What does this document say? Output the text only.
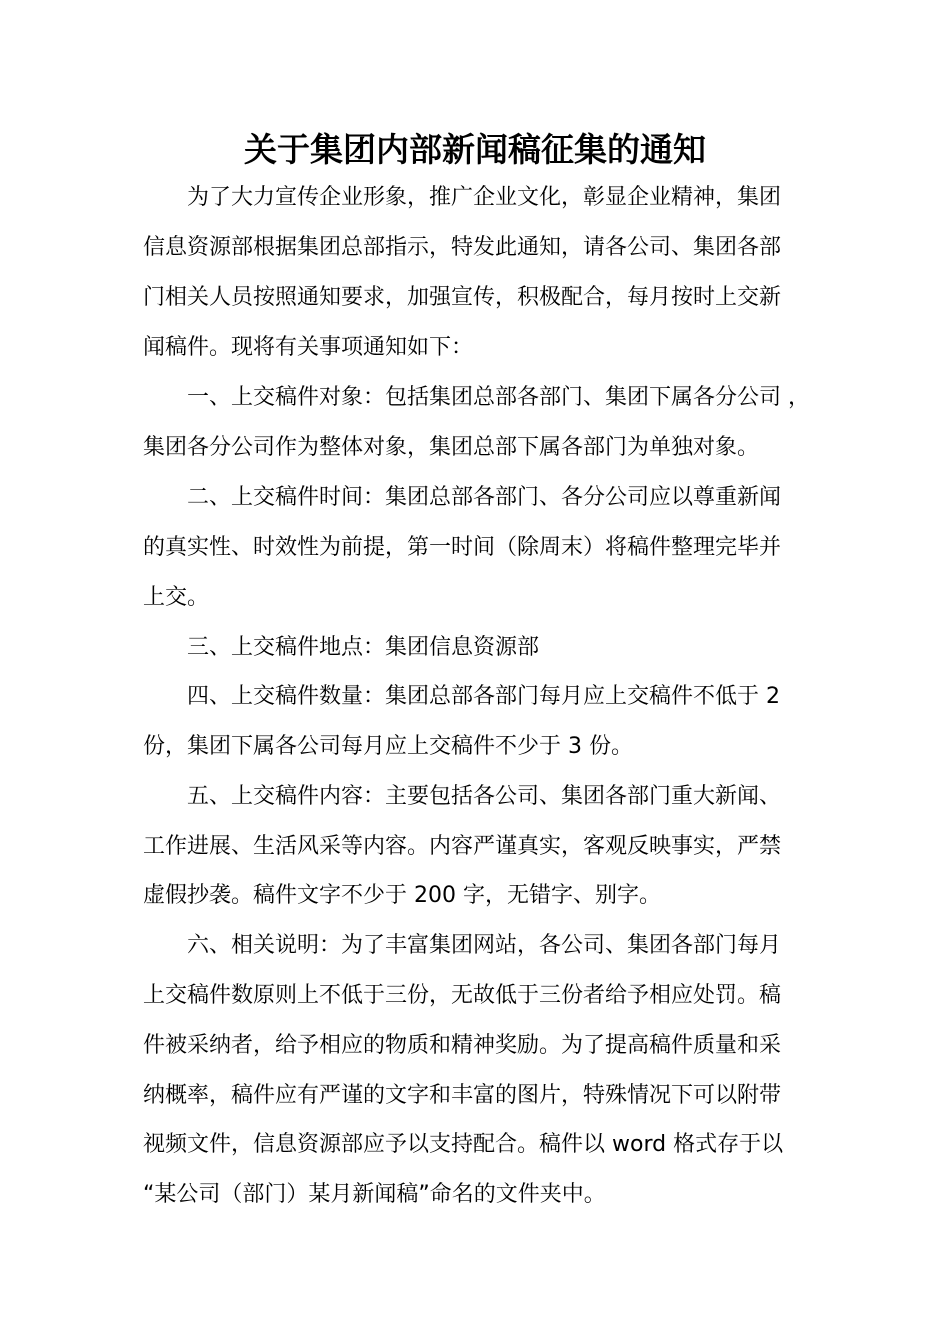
关于集团内部新闻稿征集的通知
为了大力宣传企业形象，推广企业文化，彰显企业精神，集团
信息资源部根据集团总部指示，特发此通知，请各公司、集团各部
门相关人员按照通知要求，加强宣传，积极配合，每月按时上交新
闻稿件。现将有关事项通知如下：
一、上交稿件对象：包括集团总部各部门、集团下属各分公司 ，
集团各分公司作为整体对象，集团总部下属各部门为单独对象。
二、上交稿件时间：集团总部各部门、各分公司应以尊重新闻
的真实性、时效性为前提，第一时间（除周末）将稿件整理完毕并
上交。
三、上交稿件地点：集团信息资源部
四、上交稿件数量：集团总部各部门每月应上交稿件不低于 2
份，集团下属各公司每月应上交稿件不少于 3 份。
五、上交稿件内容：主要包括各公司、集团各部门重大新闻、
工作进展、生活风采等内容。内容严谨真实，客观反映事实，严禁
虚假抄袭。稿件文字不少于 200 字，无错字、别字。
六、相关说明：为了丰富集团网站，各公司、集团各部门每月
上交稿件数原则上不低于三份，无故低于三份者给予相应处罚。稿
件被采纳者，给予相应的物质和精神奖励。为了提高稿件质量和采
纳概率，稿件应有严谨的文字和丰富的图片，特殊情况下可以附带
视频文件，信息资源部应予以支持配合。稿件以 word 格式存于以
“某公司（部门）某月新闻稿”命名的文件夹中。
